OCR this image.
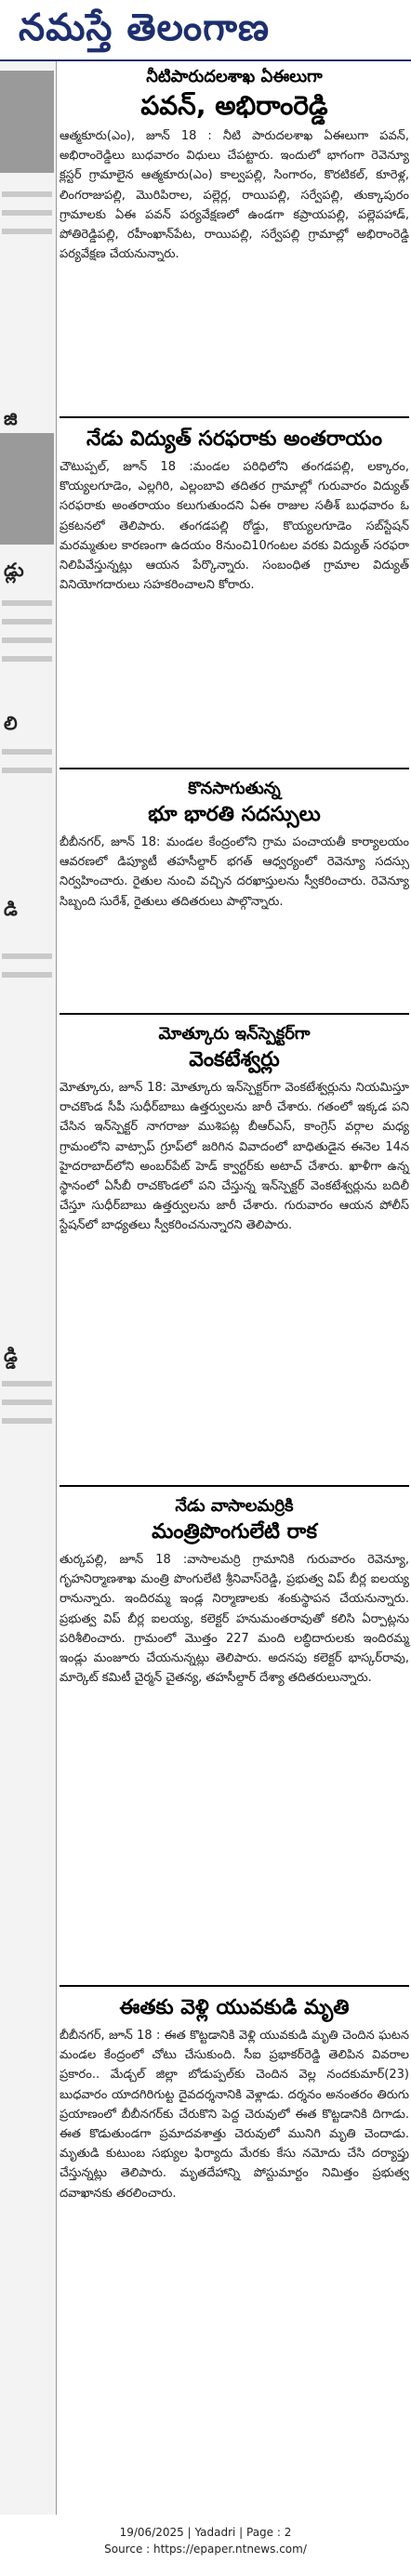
నమస్తే తెలంగాణ
జి
డ్లు
లి
డి
డ్డి

నీటిపారుదలశాఖ ఏఈలుగా

పవన్, అభిరాంరెడ్డి

ఆత్మకూరు(ఎం), జూన్ 18 : నీటి పారుదలశాఖ ఏఈలుగా పవన్, అభిరాంరెడ్డిలు బుధవారం విధులు చేపట్టారు. ఇందులో భాగంగా రెవెన్యూ క్లస్టర్ గ్రామాలైన ఆత్మకూరు(ఎం) కాల్వపల్లి, సింగారం, కొరటికల్, కూరెళ్ల, లింగరాజుపల్లి, మొరిపిరాల, పల్లెర్ల, రాయిపల్లి, సర్వేపల్లి, తుక్కాపురం గ్రామాలకు ఏఈ పవన్ పర్యవేక్షణలో ఉండగా కప్రాయపల్లి, పల్లెపహాడ్, పోతిరెడ్డిపల్లి, రహీంఖాన్‌పేట, రాయిపల్లి, సర్వేపల్లి గ్రామాల్లో అభిరాంరెడ్డి పర్యవేక్షణ చేయనున్నారు.

నేడు విద్యుత్ సరఫరాకు అంతరాయం

చౌటుప్పల్, జూన్ 18 :మండల పరిధిలోని తంగడపల్లి, లక్కారం, కొయ్యలగూడెం, ఎల్లగిరి, ఎల్లంబావి తదితర గ్రామాల్లో గురువారం విద్యుత్ సరఫరాకు అంతరాయం కలుగుతుందని ఏఈ రాజుల సతీశ్ బుధవారం ఓ ప్రకటనలో తెలిపారు. తంగడపల్లి రోడ్డు, కొయ్యలగూడెం సబ్‌స్టేషన్ మరమ్మతుల కారణంగా ఉదయం 8నుంచి10గంటల వరకు విద్యుత్ సరఫరా నిలిపివేస్తున్నట్లు ఆయన పేర్కొన్నారు. సంబంధిత గ్రామాల విద్యుత్ వినియోగదారులు సహకరించాలని కోరారు.

కొనసాగుతున్న

భూ భారతి సదస్సులు

బీబీనగర్, జూన్ 18: మండల కేంద్రంలోని గ్రామ పంచాయతీ కార్యాలయం ఆవరణలో డిప్యూటీ తహసీల్దార్ భగత్ ఆధ్వర్యంలో రెవెన్యూ సదస్సు నిర్వహించారు. రైతుల నుంచి వచ్చిన దరఖాస్తులను స్వీకరించారు. రెవెన్యూ సిబ్బంది సురేశ్, రైతులు తదితరులు పాల్గొన్నారు.

మోత్కూరు ఇన్‌స్పెక్టర్‌గా

వెంకటేశ్వర్లు

మోత్కూరు, జూన్ 18: మోత్కూరు ఇన్‌స్పెక్టర్‌గా వెంకటేశ్వర్లును నియమిస్తూ రాచకొండ సీపీ సుధీర్‌బాబు ఉత్తర్వులను జారీ చేశారు. గతంలో ఇక్కడ పని చేసిన ఇన్‌స్పెక్టర్ నాగరాజు ముశిపట్ల బీఆర్‌ఎస్, కాంగ్రెస్ వర్గాల మధ్య గ్రామంలోని వాట్సాప్ గ్రూప్‌లో జరిగిన వివాదంలో బాధితుడైన ఈనెల 14న హైదరాబాద్‌లోని అంబర్‌పేట్ హెడ్ క్వార్టర్‌కు అటాచ్ చేశారు. ఖాళీగా ఉన్న స్థానంలో ఏసీబీ రాచకొండలో పని చేస్తున్న ఇన్‌స్పెక్టర్ వెంకటేశ్వర్లును బదిలీ చేస్తూ సుధీర్‌బాబు ఉత్తర్వులను జారీ చేశారు. గురువారం ఆయన పోలీస్ స్టేషన్‌లో బాధ్యతలు స్వీకరించనున్నారని తెలిపారు.

నేడు వాసాలమర్రికి

మంత్రిపొంగులేటి రాక

తుర్కపల్లి, జూన్ 18 :వాసాలమర్రి గ్రామానికి గురువారం రెవెన్యూ, గృహనిర్మాణశాఖ మంత్రి పొంగులేటి శ్రీనివాస్‌రెడ్డి, ప్రభుత్వ విప్ బీర్ల ఐలయ్య రానున్నారు. ఇందిరమ్మ ఇండ్ల నిర్మాణాలకు శంకుస్థాపన చేయనున్నారు. ప్రభుత్వ విప్ బీర్ల ఐలయ్య, కలెక్టర్ హనుమంతరావుతో కలిసి ఏర్పాట్లను పరిశీలించారు. గ్రామంలో మొత్తం 227 మంది లబ్ధిదారులకు ఇందిరమ్మ ఇండ్లు మంజూరు చేయనున్నట్లు తెలిపారు. అదనపు కలెక్టర్ భాస్కర్‌రావు, మార్కెట్ కమిటీ చైర్మన్ చైతన్య, తహసీల్దార్ దేశ్యా తదితరులున్నారు.

ఈతకు వెళ్లి యువకుడి మృతి

బీబీనగర్, జూన్ 18 : ఈత కొట్టడానికి వెళ్లి యువకుడి మృతి చెందిన ఘటన మండల కేంద్రంలో చోటు చేసుకుంది. సీఐ ప్రభాకర్‌రెడ్డి తెలిపిన వివరాల ప్రకారం.. మేడ్చల్ జిల్లా బోడుప్పల్‌కు చెందిన వెల్ల నందకుమార్(23) బుధవారం యాదగిరిగుట్ట దైవదర్శనానికి వెళ్లాడు. దర్శనం అనంతరం తిరుగు ప్రయాణంలో బీబీనగర్‌కు చేరుకొని పెద్ద చెరువులో ఈత కొట్టడానికి దిగాడు. ఈత కొడుతుండగా ప్రమాదవశాత్తు చెరువులో మునిగి మృతి చెందాడు. మృతుడి కుటుంబ సభ్యుల ఫిర్యాదు మేరకు కేసు నమోదు చేసి దర్యాప్తు చేస్తున్నట్లు తెలిపారు. మృతదేహాన్ని పోస్టుమార్టం నిమిత్తం ప్రభుత్వ దవాఖానకు తరలించారు.

19/06/2025 | Yadadri | Page : 2
Source : https://epaper.ntnews.com/
